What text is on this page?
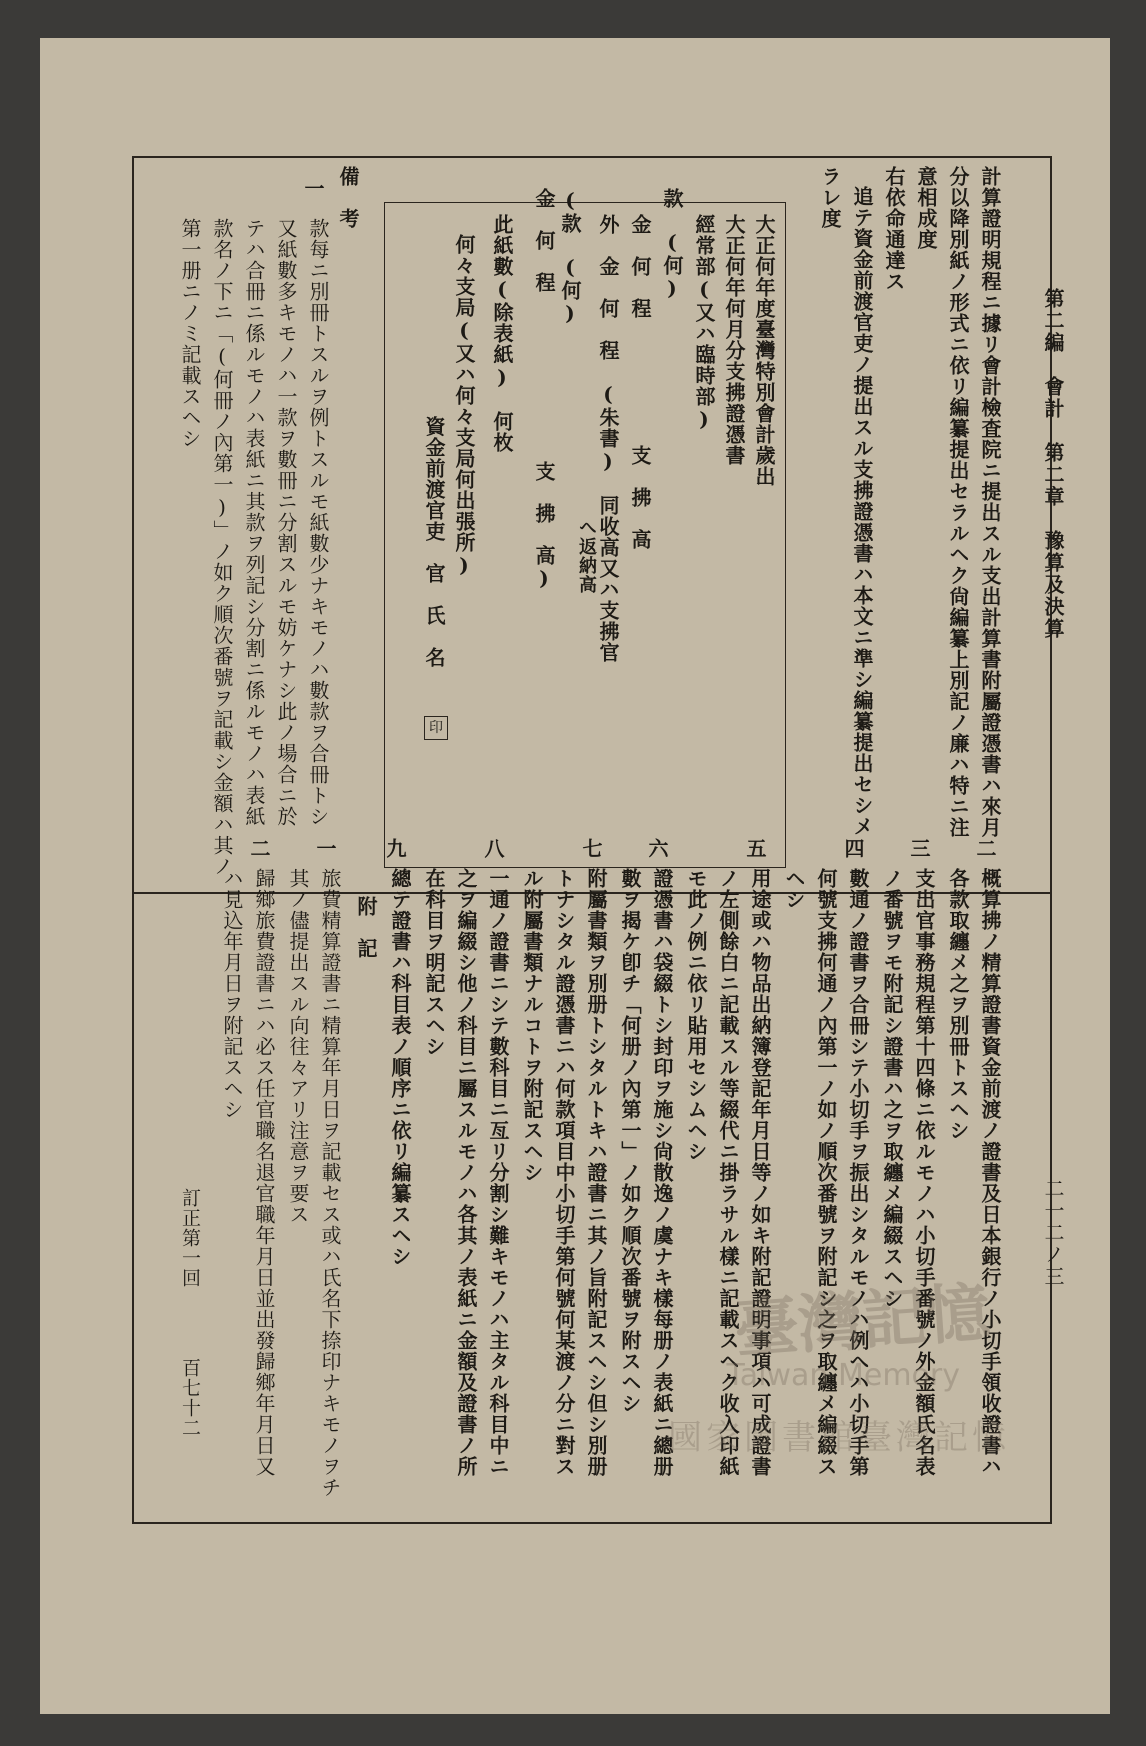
第二編　會計　第二章　豫算及決算
二一二ノ三
計算證明規程ニ據リ會計檢査院ニ提出スル支出計算書附屬證憑書ハ來月
分以降別紙ノ形式ニ依リ編纂提出セラルヘク尙編纂上別記ノ廉ハ特ニ注
意相成度
右依命通達ス
追テ資金前渡官吏ノ提出スル支拂證憑書ハ本文ニ準シ編纂提出セシメ
ラレ度
大正何年度臺灣特別會計歲出
大正何年何月分支拂證憑書
經常部(又ハ臨時部)
款　(何)
金　何　程　　　　　　支　拂　高
外　金　何　程　(朱書)　同收高又ハ支拂官
へ返納高
(款　(何)
金　何　程　　　　　　　　支　拂　高)
此紙數(除表紙)　何枚
何々支局(又ハ何々支局何出張所)
資金前渡官吏　官　氏　名
印
備　考
一
款每ニ別冊トスルヲ例トスルモ紙數少ナキモノハ數款ヲ合冊トシ
又紙數多キモノハ一款ヲ數冊ニ分割スルモ妨ケナシ此ノ場合ニ於
テハ合冊ニ係ルモノハ表紙ニ其款ヲ列記シ分割ニ係ルモノハ表紙
款名ノ下ニ「(何冊ノ內第一)」ノ如ク順次番號ヲ記載シ金額ハ其ノ
第一册ニノミ記載スヘシ
二
概算拂ノ精算證書資金前渡ノ證書及日本銀行ノ小切手領收證書ハ
各款取纏メ之ヲ別冊トスヘシ
三
支出官事務規程第十四條ニ依ルモノハ小切手番號ノ外金額氏名表
ノ番號ヲモ附記シ證書ハ之ヲ取纏メ編綴スヘシ
四
數通ノ證書ヲ合冊シテ小切手ヲ振出シタルモノハ例へハ小切手第
何號支拂何通ノ內第一ノ如ノ順次番號ヲ附記シ之ヲ取纏メ編綴ス
ヘシ
五
用途或ハ物品出納簿登記年月日等ノ如キ附記證明事項ハ可成證書
ノ左側餘白ニ記載スル等綴代ニ掛ラサル樣ニ記載スヘク收入印紙
モ此ノ例ニ依リ貼用セシムヘシ
六
證憑書ハ袋綴トシ封印ヲ施シ尙散逸ノ虞ナキ樣每册ノ表紙ニ總册
數ヲ揭ケ卽チ「何册ノ內第一」ノ如ク順次番號ヲ附スヘシ
七
附屬書類ヲ別册トシタルトキハ證書ニ其ノ旨附記スヘシ但シ別册
トナシタル證憑書ニハ何款項目中小切手第何號何某渡ノ分ニ對ス
ル附屬書類ナルコトヲ附記スヘシ
八
一通ノ證書ニシテ數科目ニ亙リ分割シ難キモノハ主タル科目中ニ
之ヲ編綴シ他ノ科目ニ屬スルモノハ各其ノ表紙ニ金額及證書ノ所
在科目ヲ明記スヘシ
九
總テ證書ハ科目表ノ順序ニ依リ編纂スヘシ
附　記
一
旅費精算證書ニ精算年月日ヲ記載セス或ハ氏名下捺印ナキモノヲチ
其ノ儘提出スル向往々アリ注意ヲ要ス
二
歸鄉旅費證書ニハ必ス任官職名退官職年月日並出發歸鄉年月日又
ハ見込年月日ヲ附記スヘシ
訂正第一回
百七十二
臺灣記憶
Taiwan Memory
國家圖書館臺灣記憶
